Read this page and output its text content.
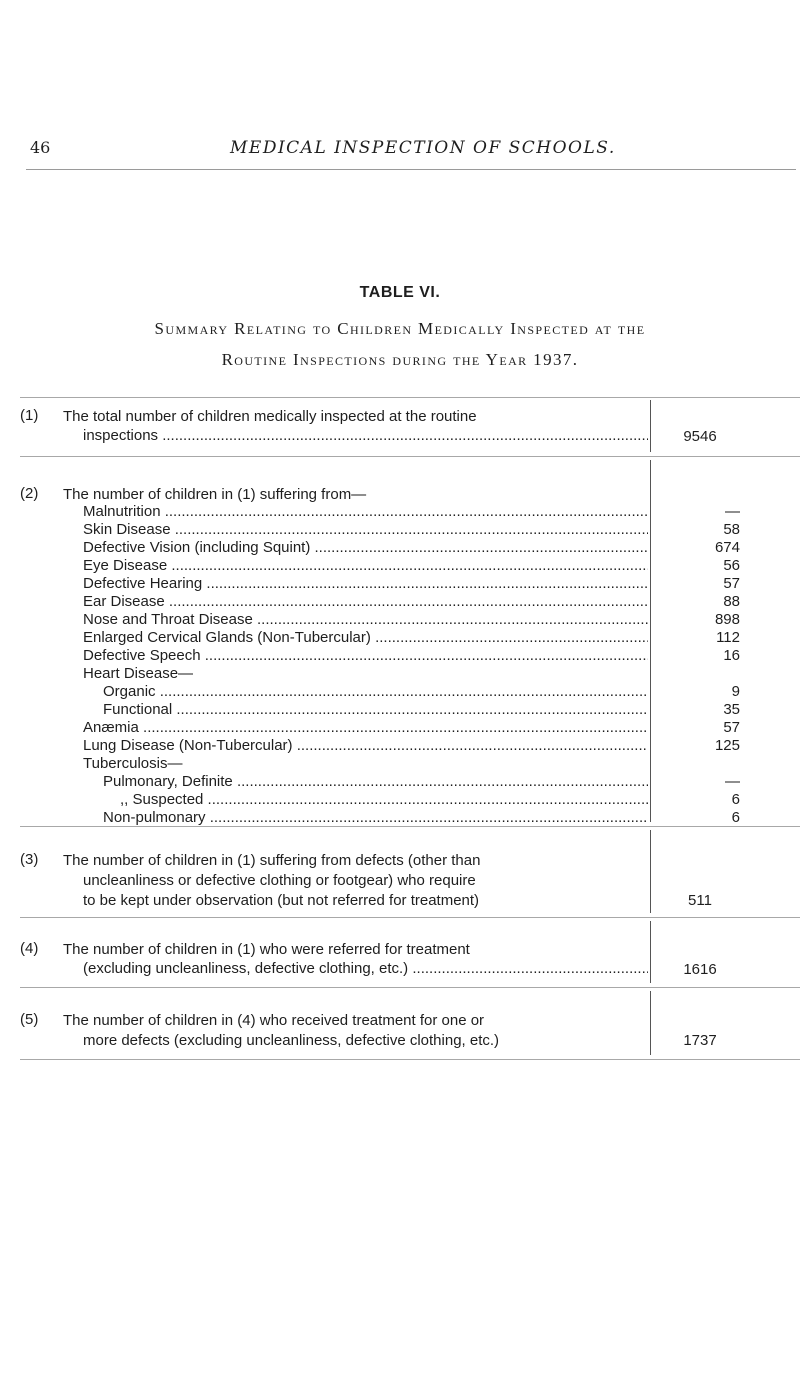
46	MEDICAL INSPECTION OF SCHOOLS.
TABLE VI.
Summary Relating to Children Medically Inspected at the
Routine Inspections during the Year 1937.
(1) The total number of children medically inspected at the routine
inspections .....	9546
(2) The number of children in (1) suffering from—
Malnutrition .....	—
Skin Disease .....	58
Defective Vision (including Squint) .....	674
Eye Disease .....	56
Defective Hearing .....	57
Ear Disease .....	88
Nose and Throat Disease .....	898
Enlarged Cervical Glands (Non-Tubercular) .....	112
Defective Speech .....	16
Heart Disease—
Organic .....	9
Functional .....	35
Anæmia .....	57
Lung Disease (Non-Tubercular) .....	125
Tuberculosis—
Pulmonary, Definite .....	—
,, Suspected .....	6
Non-pulmonary .....	6
(3) The number of children in (1) suffering from defects (other than
uncleanliness or defective clothing or footgear) who require
to be kept under observation (but not referred for treatment)	511
(4) The number of children in (1) who were referred for treatment
(excluding uncleanliness, defective clothing, etc.) .....	1616
(5) The number of children in (4) who received treatment for one or
more defects (excluding uncleanliness, defective clothing, etc.)	1737
